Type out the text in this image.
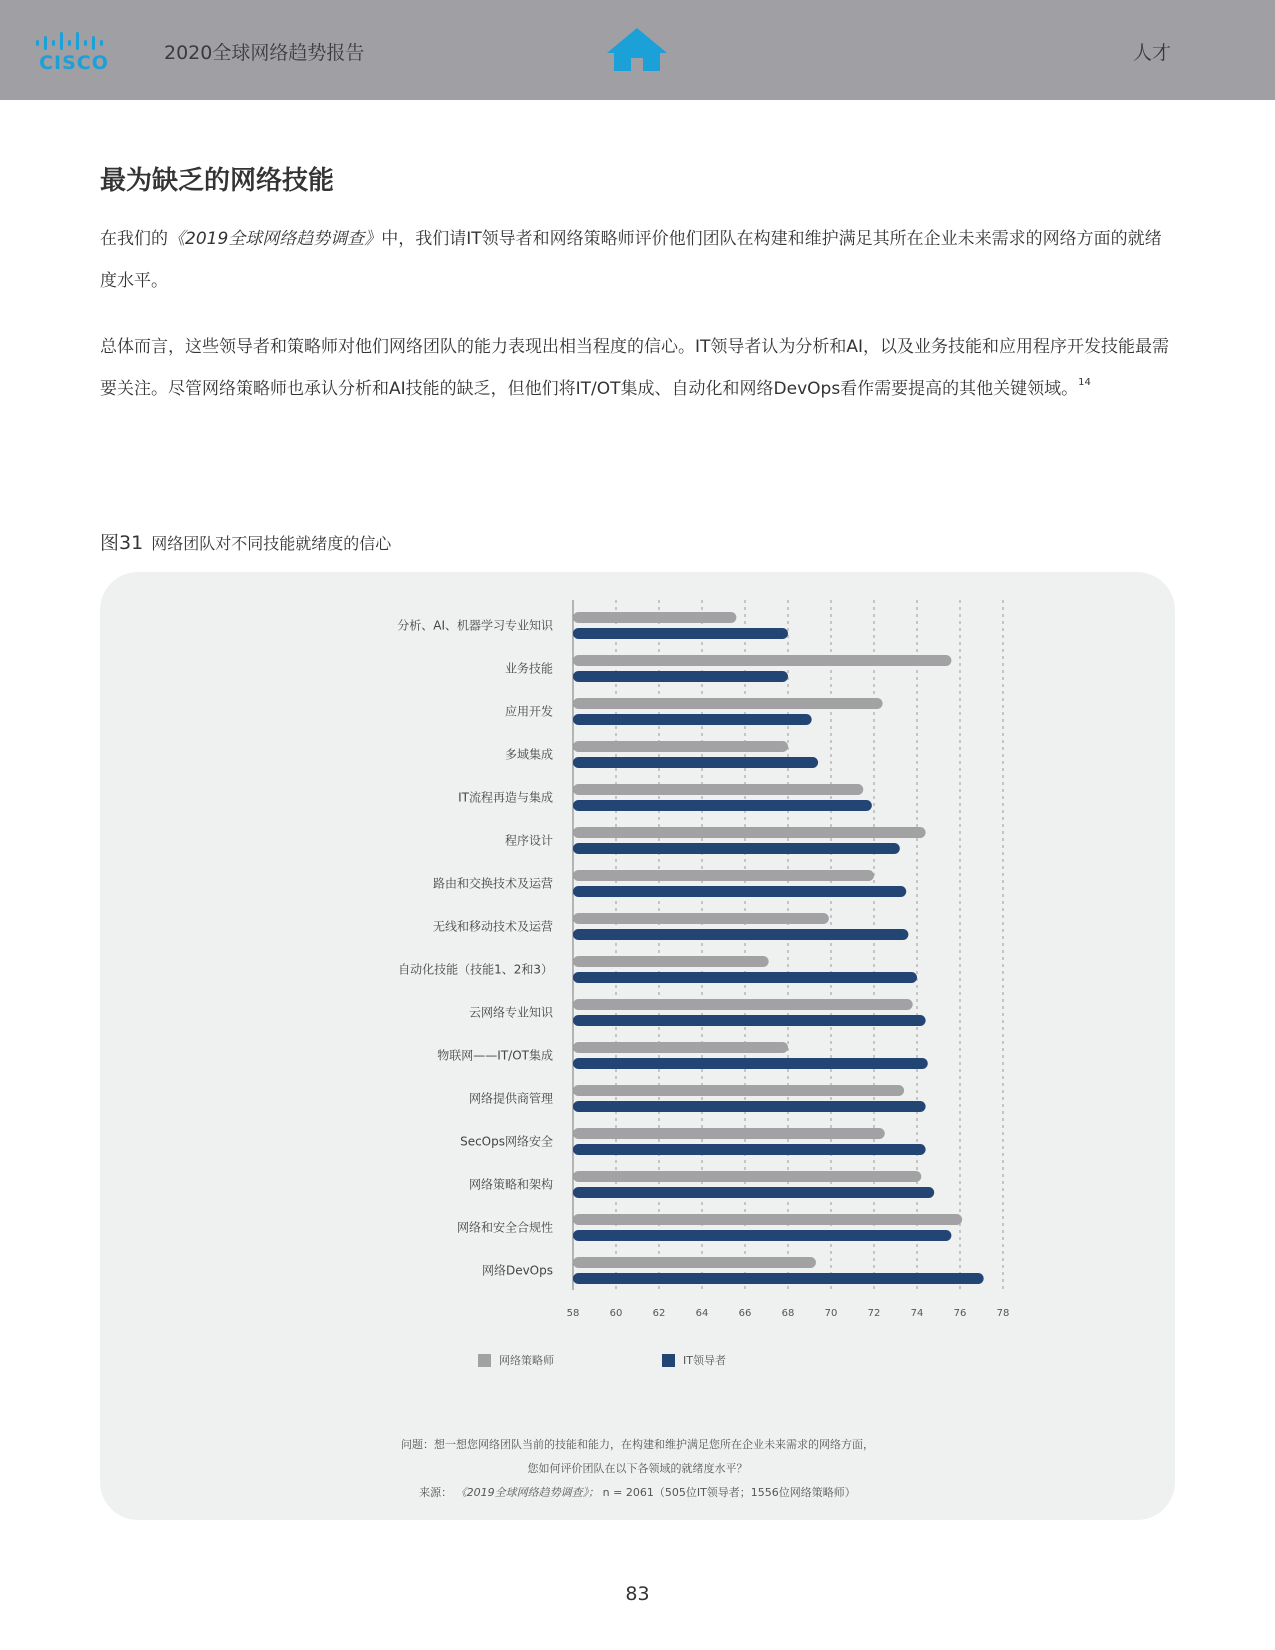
CISCO	2020全球网络趋势报告	人才
最为缺乏的网络技能

在我们的《2019全球网络趋势调查》中，我们请IT领导者和网络策略师评价他们团队在构建和维护满足其所在企业未来需求的网络方面的就绪度水平。

总体而言，这些领导者和策略师对他们网络团队的能力表现出相当程度的信心。IT领导者认为分析和AI，以及业务技能和应用程序开发技能最需要关注。尽管网络策略师也承认分析和AI技能的缺乏，但他们将IT/OT集成、自动化和网络DevOps看作需要提高的其他关键领域。$^{14}$

图31 网络团队对不同技能就绪度的信心
58	60	62	64	66	68	70	72	74	76	78
分析、AI、机器学习专业知识
业务技能
应用开发
多域集成
IT流程再造与集成
程序设计
路由和交换技术及运营
无线和移动技术及运营
自动化技能（技能1、2和3）
云网络专业知识
物联网——IT/OT集成
网络提供商管理
SecOps网络安全
网络策略和架构
网络和安全合规性
网络DevOps
网络策略师	IT领导者
问题：想一想您网络团队当前的技能和能力，在构建和维护满足您所在企业未来需求的网络方面，
您如何评价团队在以下各领域的就绪度水平？
来源： 《2019全球网络趋势调查》； n = 2061（505位IT领导者；1556位网络策略师）
83
